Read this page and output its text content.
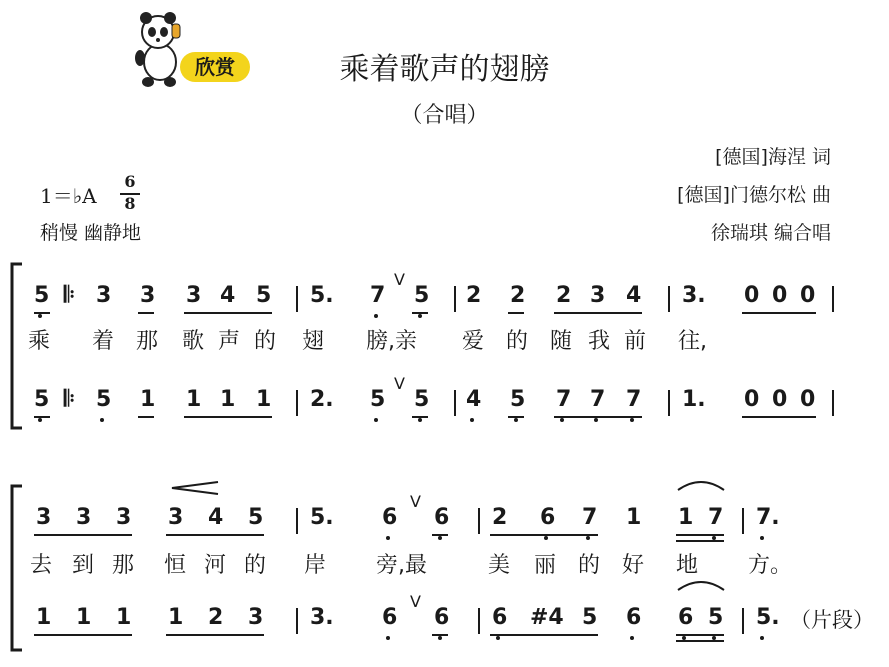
欣赏	乘着歌声的翅膀
（合唱）
[德国]海涅 词
[德国]门德尔松 曲
徐瑞琪 编合唱
1＝♭A
6
8
稍慢 幽静地
5 𝄆 3 3 3 4 5 5. 7
V
5 2 2 2 3 4 3. 0 0 0
乘 着 那 歌 声 的 翅 膀,亲 爱 的 随 我 前 往,
5 𝄆 5 1 1 1 1 2. 5
V
5 4 5 7 7 7 1. 0 0 0
3 3 3 3 4 5 5. 6
V
6 2 6 7 1 1 7 7.
去 到 那 恒 河 的 岸 旁,最	美 丽 的 好 地 方。
1 1 1 1 2 3 3. 6
V
6 6 #4 5 6 6 5 5. （片段）
